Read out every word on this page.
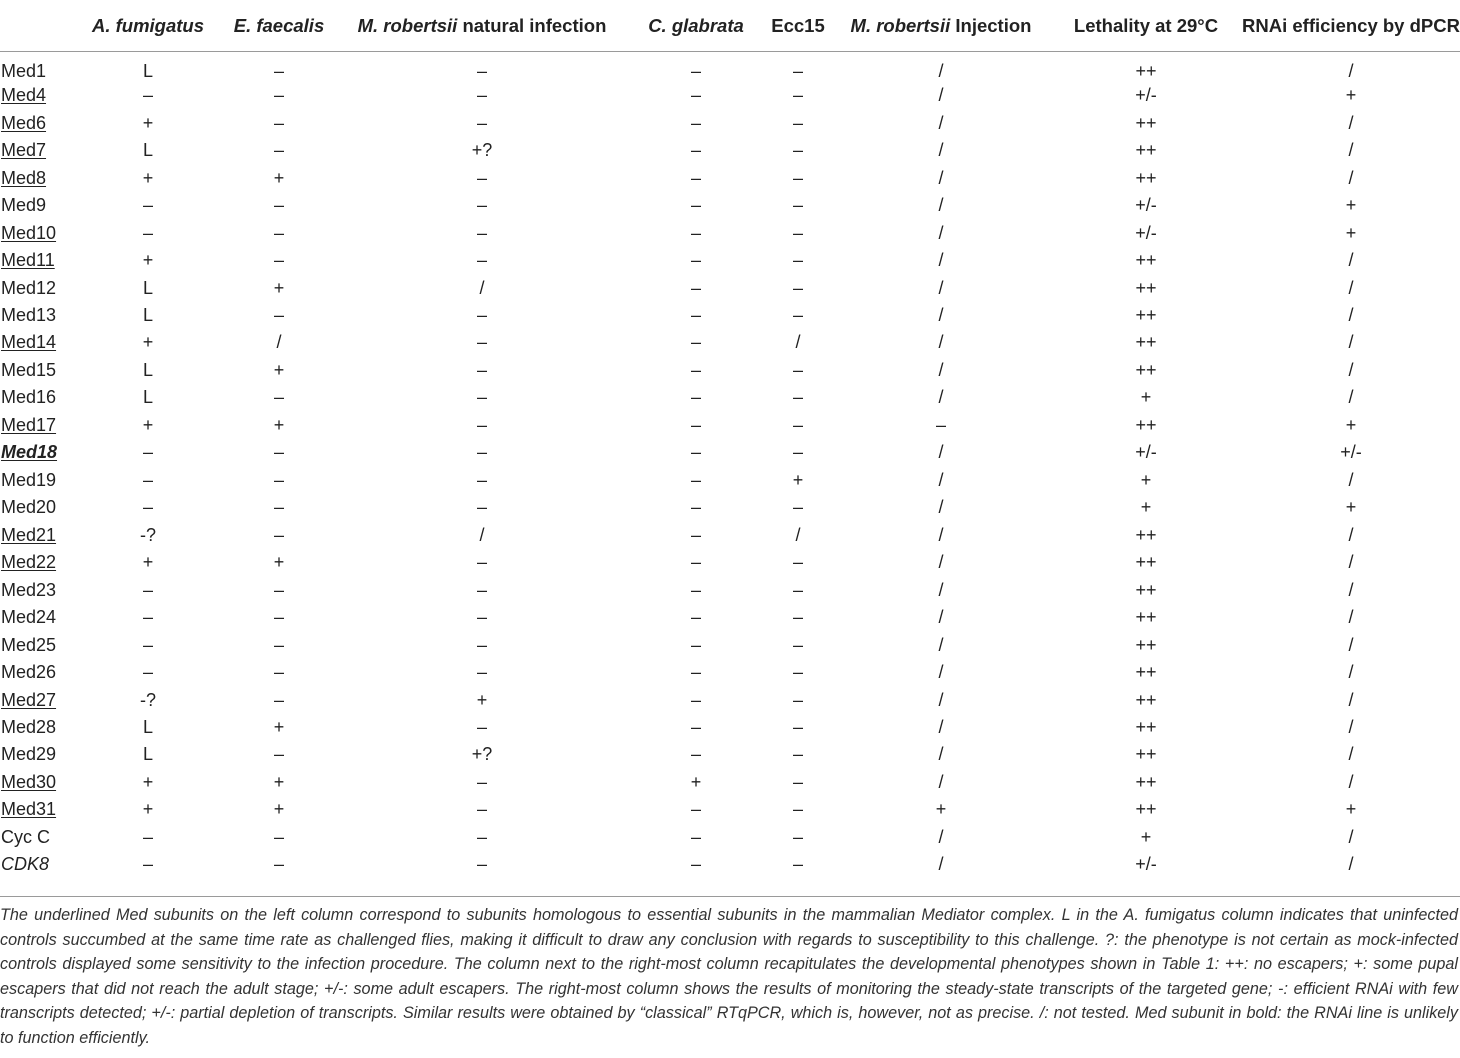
	A. fumigatus	E. faecalis	M. robertsii natural infection	C. glabrata	Ecc15	M. robertsii Injection	Lethality at 29°C	RNAi efficiency by dPCR
Med1	L	–	–	–	–	/	++	/
Med4	–	–	–	–	–	/	+/-	+
Med6	+	–	–	–	–	/	++	/
Med7	L	–	+?	–	–	/	++	/
Med8	+	+	–	–	–	/	++	/
Med9	–	–	–	–	–	/	+/-	+
Med10	–	–	–	–	–	/	+/-	+
Med11	+	–	–	–	–	/	++	/
Med12	L	+	/	–	–	/	++	/
Med13	L	–	–	–	–	/	++	/
Med14	+	/	–	–	/	/	++	/
Med15	L	+	–	–	–	/	++	/
Med16	L	–	–	–	–	/	+	/
Med17	+	+	–	–	–	–	++	+
Med18	–	–	–	–	–	/	+/-	+/-
Med19	–	–	–	–	+	/	+	/
Med20	–	–	–	–	–	/	+	+
Med21	-?	–	/	–	/	/	++	/
Med22	+	+	–	–	–	/	++	/
Med23	–	–	–	–	–	/	++	/
Med24	–	–	–	–	–	/	++	/
Med25	–	–	–	–	–	/	++	/
Med26	–	–	–	–	–	/	++	/
Med27	-?	–	+	–	–	/	++	/
Med28	L	+	–	–	–	/	++	/
Med29	L	–	+?	–	–	/	++	/
Med30	+	+	–	+	–	/	++	/
Med31	+	+	–	–	–	+	++	+
Cyc C	–	–	–	–	–	/	+	/
CDK8	–	–	–	–	–	/	+/-	/
The underlined Med subunits on the left column correspond to subunits homologous to essential subunits in the mammalian Mediator complex. L in the A. fumigatus column indicates that uninfected controls succumbed at the same time rate as challenged flies, making it difficult to draw any conclusion with regards to susceptibility to this challenge. ?: the phenotype is not certain as mock-infected controls displayed some sensitivity to the infection procedure. The column next to the right-most column recapitulates the developmental phenotypes shown in Table 1: ++: no escapers; +: some pupal escapers that did not reach the adult stage; +/-: some adult escapers. The right-most column shows the results of monitoring the steady-state transcripts of the targeted gene; -: efficient RNAi with few transcripts detected; +/-: partial depletion of transcripts. Similar results were obtained by “classical” RTqPCR, which is, however, not as precise. /: not tested. Med subunit in bold: the RNAi line is unlikely to function efficiently.
